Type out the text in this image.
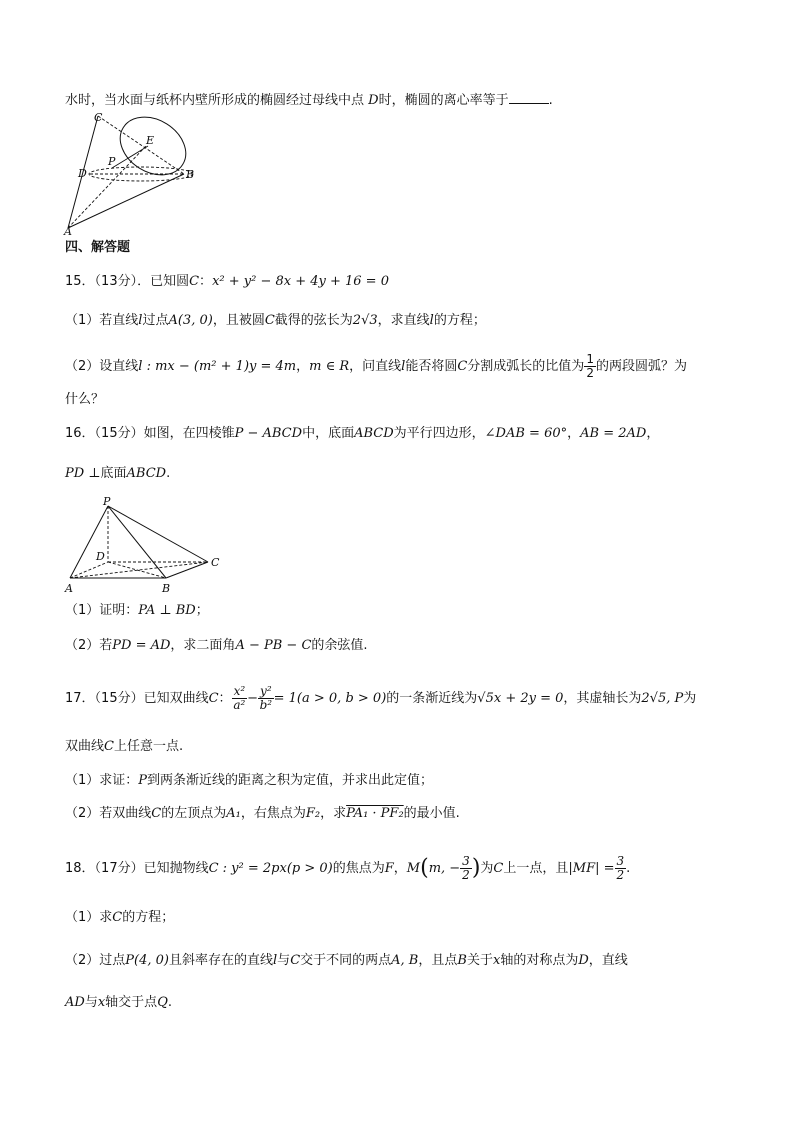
水时，当水面与纸杯内壁所形成的椭圆经过母线中点 D时，椭圆的离心率等于	.
C
E
P
D	B
A
四、解答题
15．（13分）．已知圆C：x² + y² − 8x + 4y + 16 = 0
（1）若直线l过点A(3, 0)，且被圆C截得的弦长为2√3，求直线l的方程；
（2）设直线l : mx − (m² + 1)y = 4m，m ∈ R，问直线l能否将圆C分割成弧长的比值为 $\frac{1}{2}$ 的两段圆弧？为
什么？
16．（15分）如图，在四棱锥P − ABCD中，底面ABCD为平行四边形，∠DAB = 60°，AB = 2AD，
PD ⊥底面ABCD.
P
D	C
A	B
（1）证明：PA ⊥ BD；
（2）若PD = AD，求二面角A − PB − C的余弦值.
17．（15分）已知双曲线C： $\frac{\text{x²}}{\text{a²}} - \frac{\text{y²}}{\text{b²}} = 1(a > 0$, b > 0)的一条渐近线为√5x + 2y = 0，其虚轴长为2√5, P为
双曲线C上任意一点.
（1）求证：P到两条渐近线的距离之积为定值，并求出此定值；
（2）若双曲线C的左顶点为A₁，右焦点为F₂，求PA₁ · PF₂的最小值.
18．（17分）已知抛物线C : y² = 2px(p > 0)的焦点为F，M(m, − $\frac{3}{2}$ )为C上一点，且$|MF| = \frac{3}{2}$ .
（1）求C的方程；
（2）过点P(4, 0)且斜率存在的直线l与C交于不同的两点A, B，且点B关于x轴的对称点为D，直线
AD与x轴交于点Q.
